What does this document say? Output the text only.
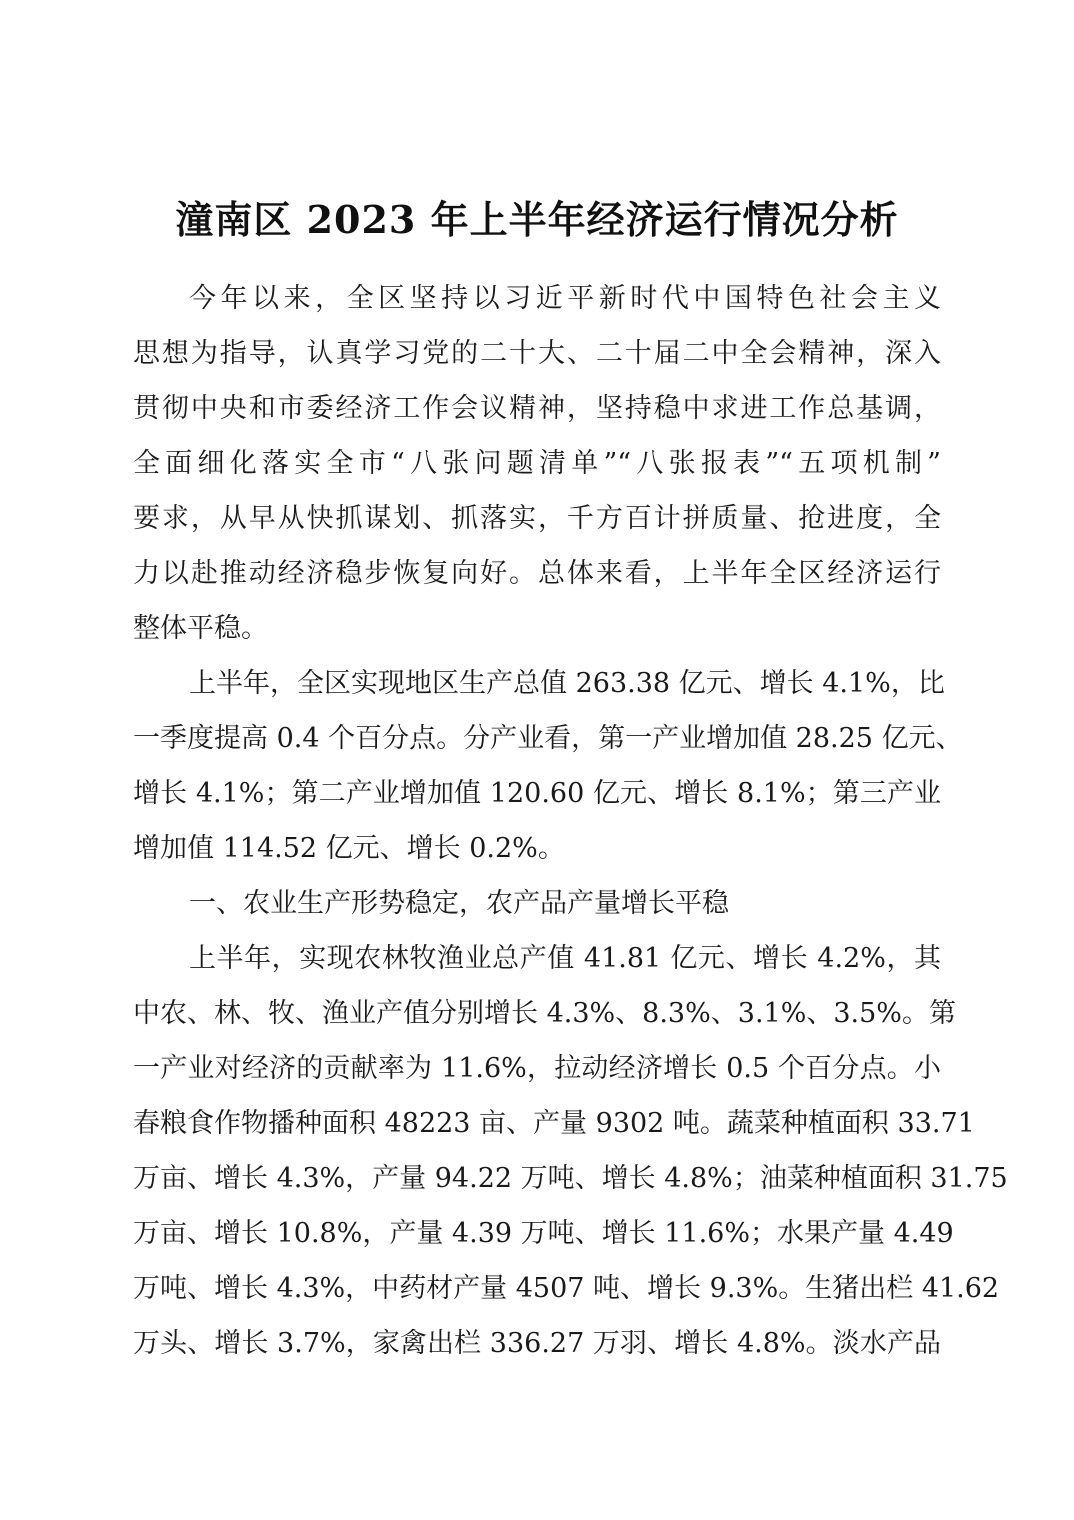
潼南区 2023 年上半年经济运行情况分析
今年以来，全区坚持以习近平新时代中国特色社会主义
思想为指导，认真学习党的二十大、二十届二中全会精神，深入
贯彻中央和市委经济工作会议精神，坚持稳中求进工作总基调，
全面细化落实全市“八张问题清单”“八张报表”“五项机制”
要求，从早从快抓谋划、抓落实，千方百计拼质量、抢进度，全
力以赴推动经济稳步恢复向好。总体来看，上半年全区经济运行
整体平稳。
上半年，全区实现地区生产总值 263.38 亿元、增长 4.1%，比
一季度提高 0.4 个百分点。分产业看，第一产业增加值 28.25 亿元、
增长 4.1%；第二产业增加值 120.60 亿元、增长 8.1%；第三产业
增加值 114.52 亿元、增长 0.2%。
一、农业生产形势稳定，农产品产量增长平稳
上半年，实现农林牧渔业总产值 41.81 亿元、增长 4.2%，其
中农、林、牧、渔业产值分别增长 4.3%、8.3%、3.1%、3.5%。第
一产业对经济的贡献率为 11.6%，拉动经济增长 0.5 个百分点。小
春粮食作物播种面积 48223 亩、产量 9302 吨。蔬菜种植面积 33.71
万亩、增长 4.3%，产量 94.22 万吨、增长 4.8%；油菜种植面积 31.75
万亩、增长 10.8%，产量 4.39 万吨、增长 11.6%；水果产量 4.49
万吨、增长 4.3%，中药材产量 4507 吨、增长 9.3%。生猪出栏 41.62
万头、增长 3.7%，家禽出栏 336.27 万羽、增长 4.8%。淡水产品
